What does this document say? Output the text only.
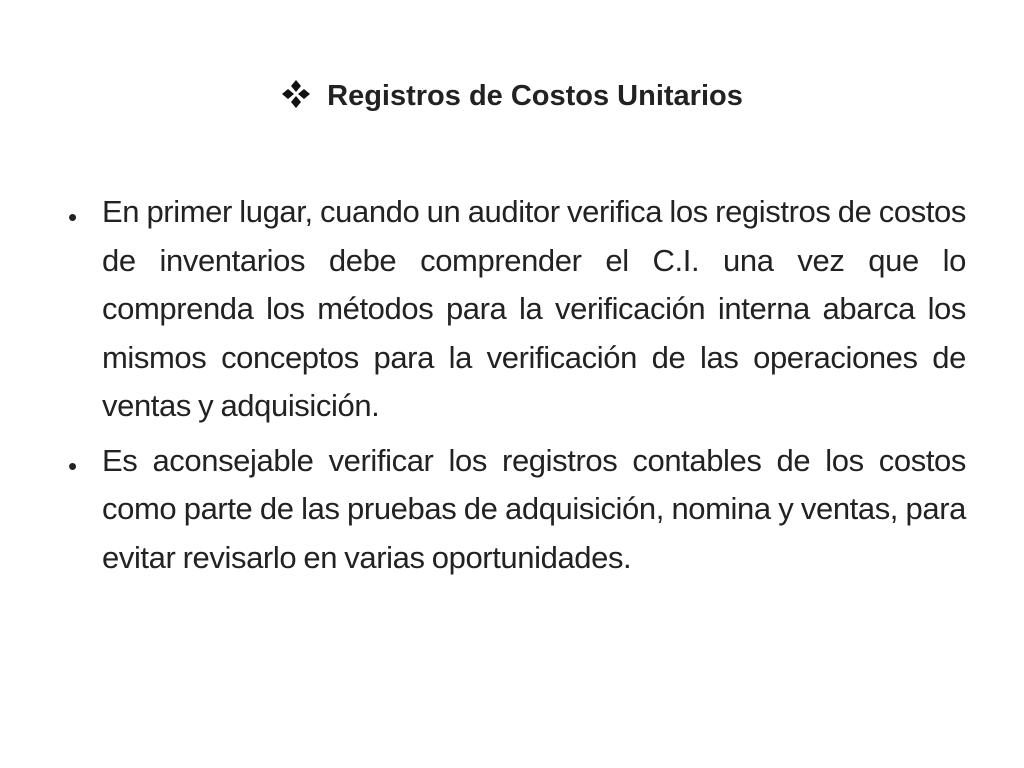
Registros de Costos Unitarios
• En primer lugar, cuando un auditor verifica los registros de costos de inventarios debe comprender el C.I. una vez que lo comprenda los métodos para la verificación interna abarca los mismos conceptos para la verificación de las operaciones de ventas y adquisición.
• Es aconsejable verificar los registros contables de los costos como parte de las pruebas de adquisición, nomina y ventas, para evitar revisarlo en varias oportunidades.
